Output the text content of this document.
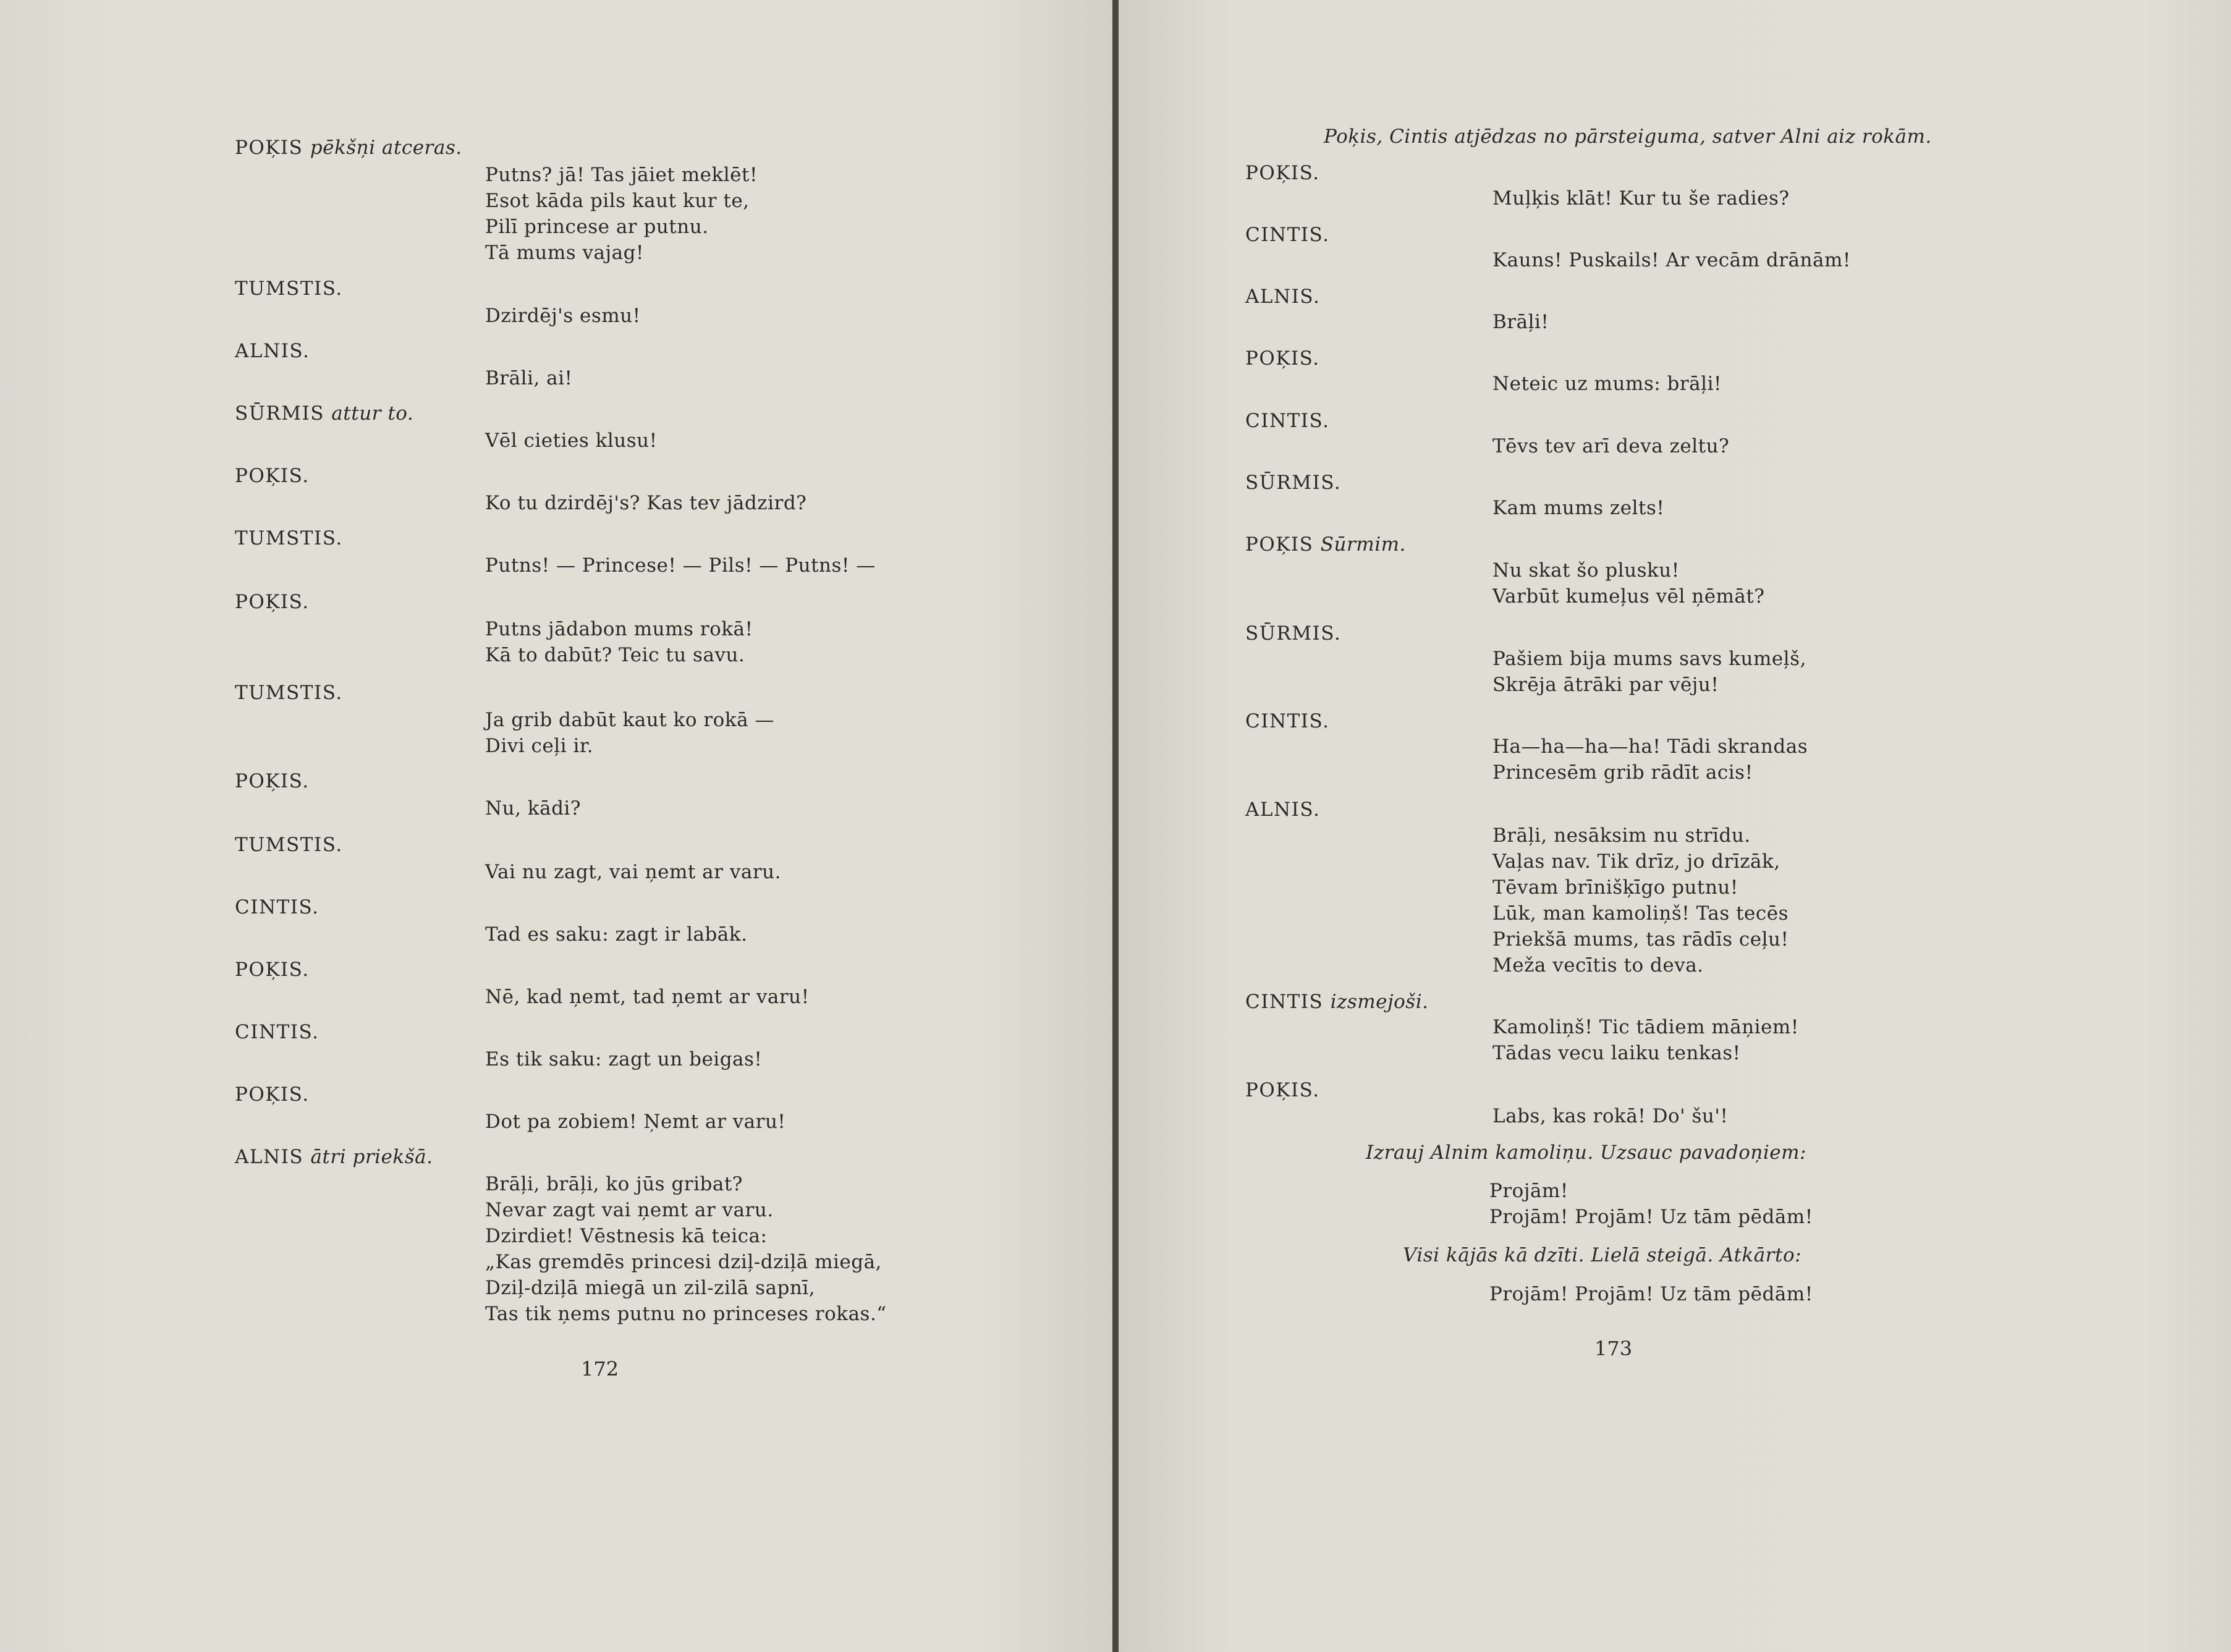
POĶIS pēkšņi atceras.
Putns? jā! Tas jāiet meklēt!
Esot kāda pils kaut kur te,
Pilī princese ar putnu.
Tā mums vajag!
TUMSTIS.
Dzirdēj's esmu!
ALNIS.
Brāli, ai!
SŪRMIS attur to.
Vēl cieties klusu!
POĶIS.
Ko tu dzirdēj's? Kas tev jādzird?
TUMSTIS.
Putns! — Princese! — Pils! — Putns! —
POĶIS.
Putns jādabon mums rokā!
Kā to dabūt? Teic tu savu.
TUMSTIS.
Ja grib dabūt kaut ko rokā —
Divi ceļi ir.
POĶIS.
Nu, kādi?
TUMSTIS.
Vai nu zagt, vai ņemt ar varu.
CINTIS.
Tad es saku: zagt ir labāk.
POĶIS.
Nē, kad ņemt, tad ņemt ar varu!
CINTIS.
Es tik saku: zagt un beigas!
POĶIS.
Dot pa zobiem! Ņemt ar varu!
ALNIS ātri priekšā.
Brāļi, brāļi, ko jūs gribat?
Nevar zagt vai ņemt ar varu.
Dzirdiet! Vēstnesis kā teica:
„Kas gremdēs princesi dziļ-dziļā miegā,
Dziļ-dziļā miegā un zil-zilā sapnī,
Tas tik ņems putnu no princeses rokas.“
172
Poķis, Cintis atjēdzas no pārsteiguma, satver Alni aiz rokām.
POĶIS.
Muļķis klāt! Kur tu še radies?
CINTIS.
Kauns! Puskails! Ar vecām drānām!
ALNIS.
Brāļi!
POĶIS.
Neteic uz mums: brāļi!
CINTIS.
Tēvs tev arī deva zeltu?
SŪRMIS.
Kam mums zelts!
POĶIS Sūrmim.
Nu skat šo plusku!
Varbūt kumeļus vēl ņēmāt?
SŪRMIS.
Pašiem bija mums savs kumeļš,
Skrēja ātrāki par vēju!
CINTIS.
Ha—ha—ha—ha! Tādi skrandas
Princesēm grib rādīt acis!
ALNIS.
Brāļi, nesāksim nu strīdu.
Vaļas nav. Tik drīz, jo drīzāk,
Tēvam brīnišķīgo putnu!
Lūk, man kamoliņš! Tas tecēs
Priekšā mums, tas rādīs ceļu!
Meža vecītis to deva.
CINTIS izsmejoši.
Kamoliņš! Tic tādiem māņiem!
Tādas vecu laiku tenkas!
POĶIS.
Labs, kas rokā! Do' šu'!
Izrauj Alnim kamoliņu. Uzsauc pavadoņiem:
Projām!
Projām! Projām! Uz tām pēdām!
Visi kājās kā dzīti. Lielā steigā. Atkārto:
Projām! Projām! Uz tām pēdām!
173
